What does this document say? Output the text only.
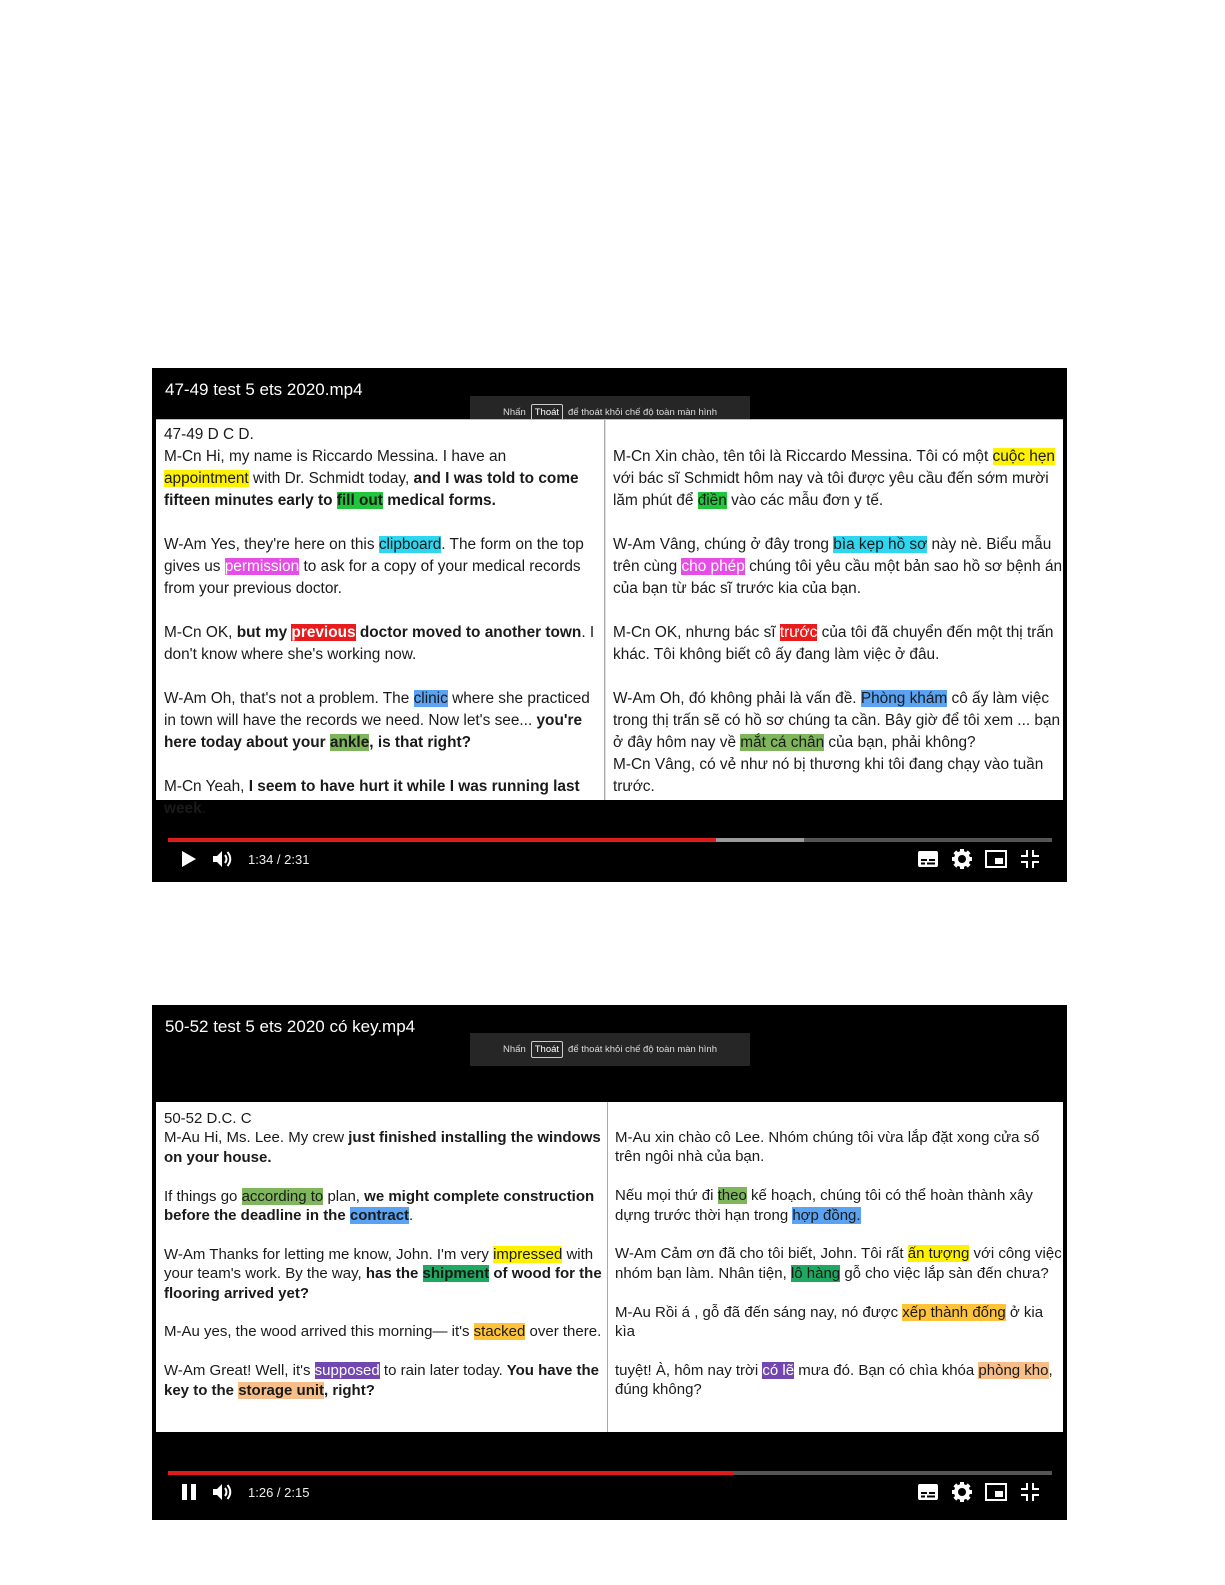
47-49 test 5 ets 2020.mp4
Nhấn Thoát để thoát khỏi chế độ toàn màn hình
47-49 D C D.
M-Cn Hi, my name is Riccardo Messina. I have an
appointment with Dr. Schmidt today, and I was told to come fifteen minutes early to fill out medical forms.
W-Am Yes, they're here on this clipboard. The form on the top gives us permission to ask for a copy of your medical records from your previous doctor.
M-Cn OK, but my previous doctor moved to another town. I don't know where she's working now.
W-Am Oh, that's not a problem. The clinic where she practiced in town will have the records we need. Now let's see... you're here today about your ankle, is that right?
M-Cn Yeah, I seem to have hurt it while I was running last week.
M-Cn Xin chào, tên tôi là Riccardo Messina. Tôi có một cuộc hẹn với bác sĩ Schmidt hôm nay và tôi được yêu cầu đến sớm mười lăm phút để điền vào các mẫu đơn y tế.
W-Am Vâng, chúng ở đây trong bìa kẹp hồ sơ này nè. Biểu mẫu trên cùng cho phép chúng tôi yêu cầu một bản sao hồ sơ bệnh án của bạn từ bác sĩ trước kia của bạn.
M-Cn OK, nhưng bác sĩ trước của tôi đã chuyển đến một thị trấn khác. Tôi không biết cô ấy đang làm việc ở đâu.
W-Am Oh, đó không phải là vấn đề. Phòng khám cô ấy làm việc trong thị trấn sẽ có hồ sơ chúng ta cần. Bây giờ để tôi xem ... bạn ở đây hôm nay về mắt cá chân của bạn, phải không?
M-Cn Vâng, có vẻ như nó bị thương khi tôi đang chạy vào tuần trước.
1:34 / 2:31
50-52 test 5 ets 2020 có key.mp4
Nhấn Thoát để thoát khỏi chế độ toàn màn hình
50-52 D.C. C
M-Au Hi, Ms. Lee. My crew just finished installing the windows on your house.
If things go according to plan, we might complete construction before the deadline in the contract.
W-Am Thanks for letting me know, John. I'm very impressed with your team's work. By the way, has the shipment of wood for the flooring arrived yet?
M-Au yes, the wood arrived this morning— it's stacked over there.
W-Am Great! Well, it's supposed to rain later today. You have the key to the storage unit, right?
M-Au xin chào cô Lee. Nhóm chúng tôi vừa lắp đặt xong cửa sổ trên ngôi nhà của bạn.
Nếu mọi thứ đi theo kế hoạch, chúng tôi có thể hoàn thành xây dựng trước thời hạn trong hợp đồng.
W-Am Cảm ơn đã cho tôi biết, John. Tôi rất ấn tượng với công việc nhóm bạn làm. Nhân tiện, lô hàng gỗ cho việc lắp sàn đến chưa?
M-Au Rồi á , gỗ đã đến sáng nay, nó được xếp thành đống ở kia kìa
tuyệt! À, hôm nay trời có lẽ mưa đó. Bạn có chìa khóa phòng kho, đúng không?
1:26 / 2:15
